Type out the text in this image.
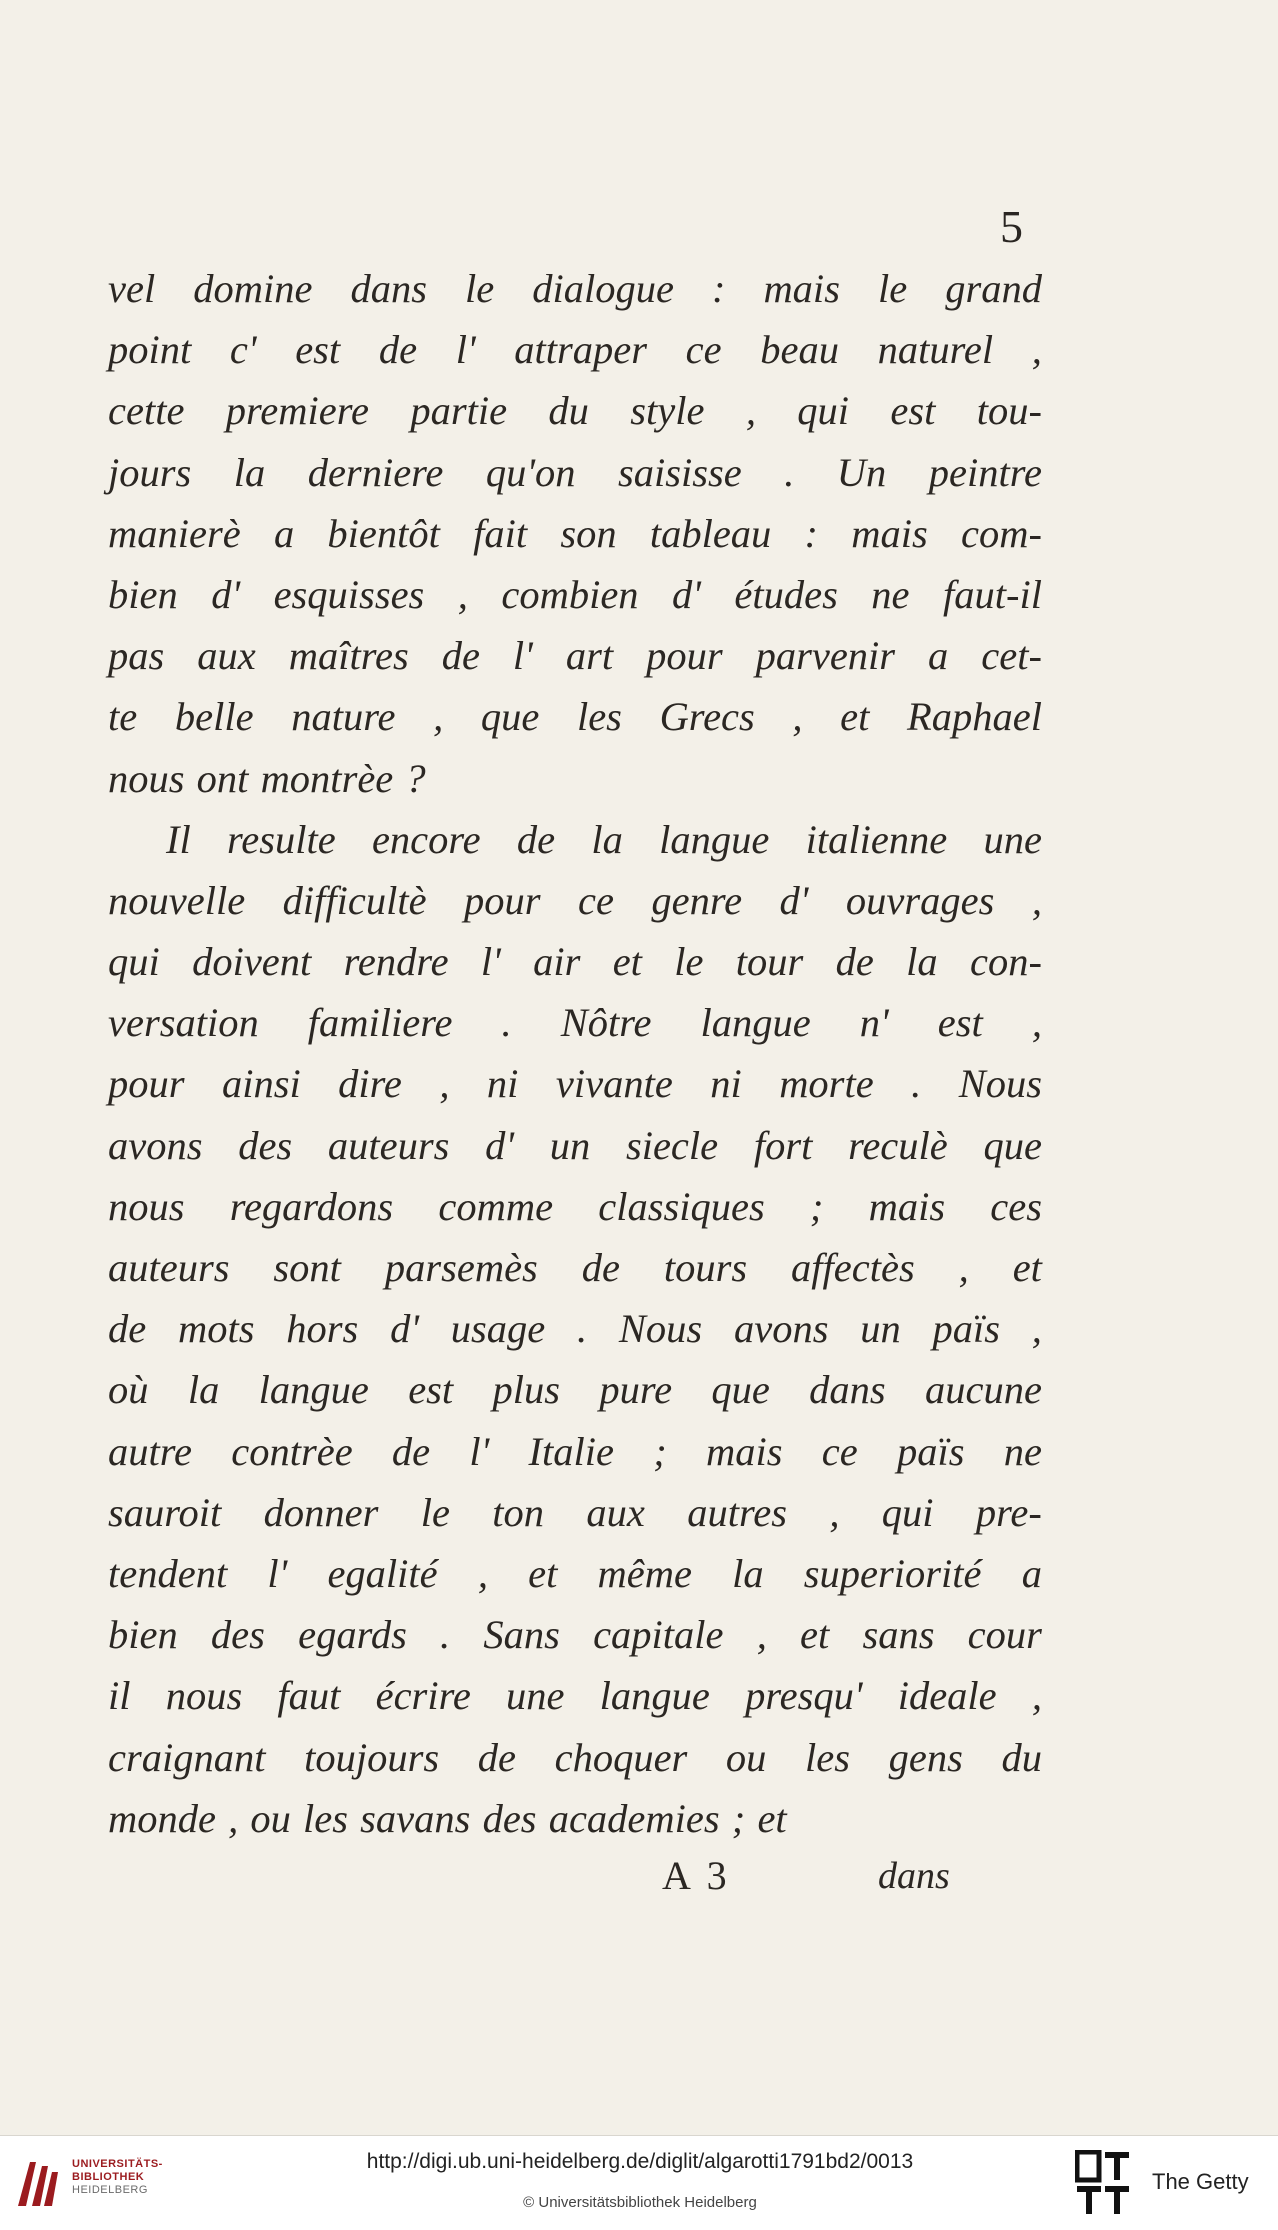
5
vel domine dans le dialogue : mais le grand
point c' est de l' attraper ce beau naturel ,
cette premiere partie du style , qui est tou-
jours la derniere qu'on saisisse . Un peintre
manierè a bientôt fait son tableau : mais com-
bien d' esquisses , combien d' études ne faut-il
pas aux maîtres de l' art pour parvenir a cet-
te belle nature , que les Grecs , et Raphael
nous ont montrèe ?
Il resulte encore de la langue italienne une
nouvelle difficultè pour ce genre d' ouvrages ,
qui doivent rendre l' air et le tour de la con-
versation familiere . Nôtre langue n' est ,
pour ainsi dire , ni vivante ni morte . Nous
avons des auteurs d' un siecle fort reculè que
nous regardons comme classiques ; mais ces
auteurs sont parsemès de tours affectès , et
de mots hors d' usage . Nous avons un païs ,
où la langue est plus pure que dans aucune
autre contrèe de l' Italie ; mais ce païs ne
sauroit donner le ton aux autres , qui pre-
tendent l' egalité , et même la superiorité a
bien des egards . Sans capitale , et sans cour
il nous faut écrire une langue presqu' ideale ,
craignant toujours de choquer ou les gens du
monde , ou les savans des academies ; et
A 3	dans
UNIVERSITÄTS-
BIBLIOTHEK
HEIDELBERG
http://digi.ub.uni-heidelberg.de/diglit/algarotti1791bd2/0013
© Universitätsbibliothek Heidelberg
The Getty
